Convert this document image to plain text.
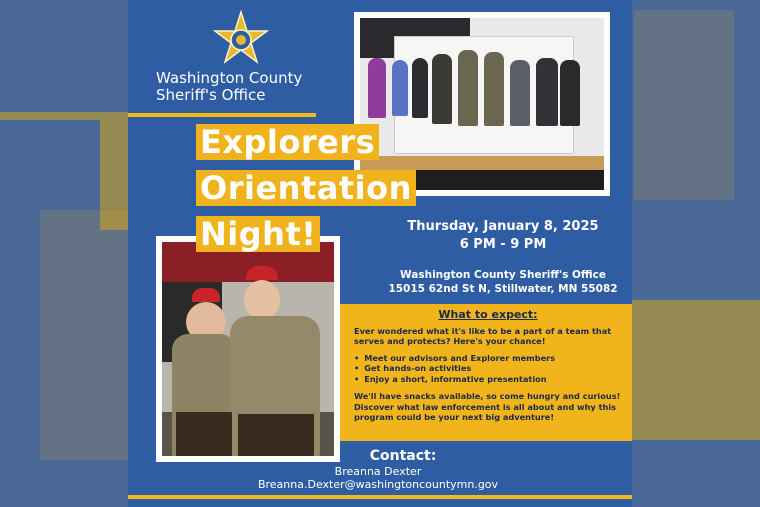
Washington County
Sheriff's Office
Explorers
Orientation
Night!	Thursday, January 8, 2025
6 PM - 9 PM
Washington County Sheriff's Office
15015 62nd St N, Stillwater, MN 55082
What to expect:

Ever wondered what it's like to be a part of a team that serves and protects? Here's your chance!

• Meet our advisors and Explorer members
• Get hands-on activities
• Enjoy a short, informative presentation

We'll have snacks available, so come hungry and curious! Discover what law enforcement is all about and why this program could be your next big adventure!

Contact:
Breanna Dexter
Breanna.Dexter@washingtoncountymn.gov
